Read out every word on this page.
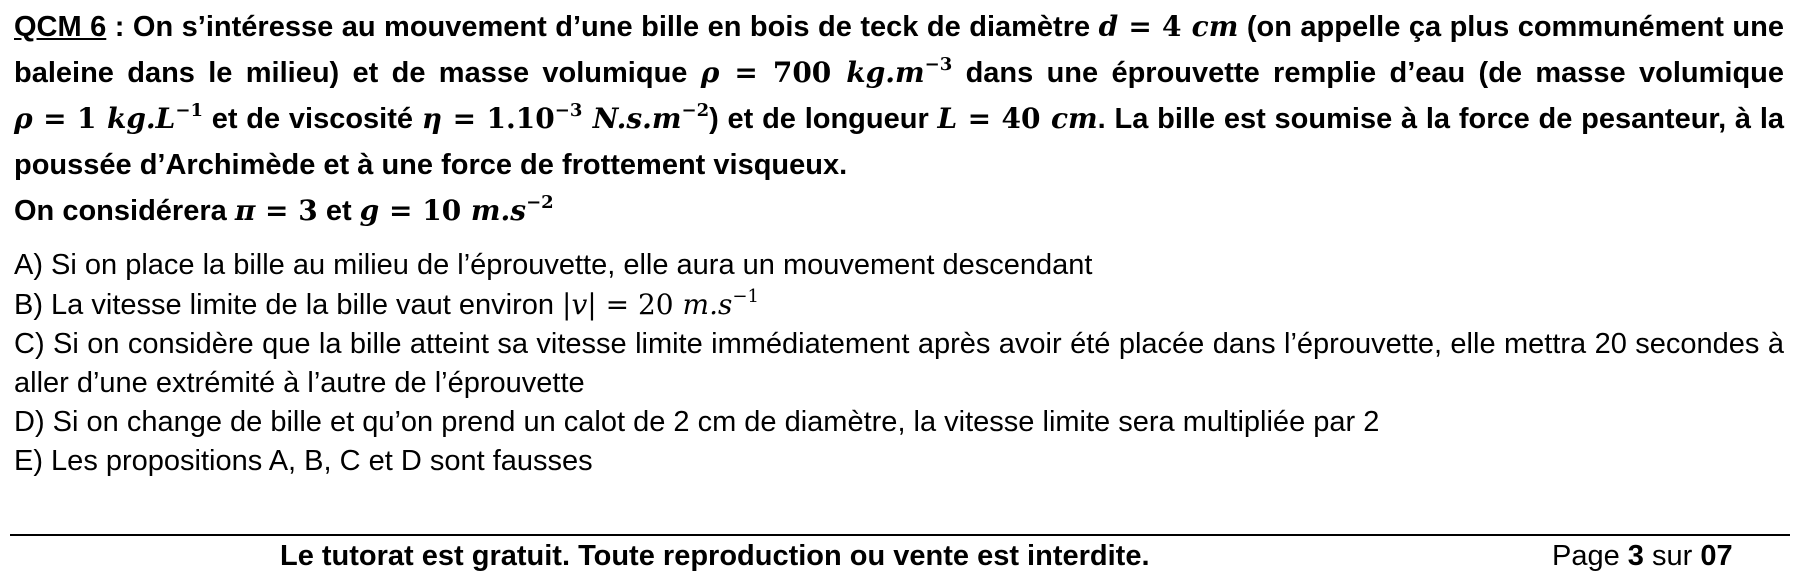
QCM 6 : On s’intéresse au mouvement d’une bille en bois de teck de diamètre d = 4 cm (on appelle ça plus communément une baleine dans le milieu) et de masse volumique ρ = 700 $kg.m^{-3}$ dans une éprouvette remplie d’eau (de masse volumique ρ = 1 $kg.L^{-1}$ et de viscosité $\eta = 1.10^{-3}$ $N.s.m^{-2}$) et de longueur L = 40 cm. La bille est soumise à la force de pesanteur, à la poussée d’Archimède et à une force de frottement visqueux.

On considérera π = 3 et g = 10 $m.s^{-2}$

A) Si on place la bille au milieu de l’éprouvette, elle aura un mouvement descendant

B) La vitesse limite de la bille vaut environ |v| = 20 $m.s^{-1}$

C) Si on considère que la bille atteint sa vitesse limite immédiatement après avoir été placée dans l’éprouvette, elle mettra 20 secondes à aller d’une extrémité à l’autre de l’éprouvette

D) Si on change de bille et qu’on prend un calot de 2 cm de diamètre, la vitesse limite sera multipliée par 2

E) Les propositions A, B, C et D sont fausses

Le tutorat est gratuit. Toute reproduction ou vente est interdite.	Page 3 sur 07
